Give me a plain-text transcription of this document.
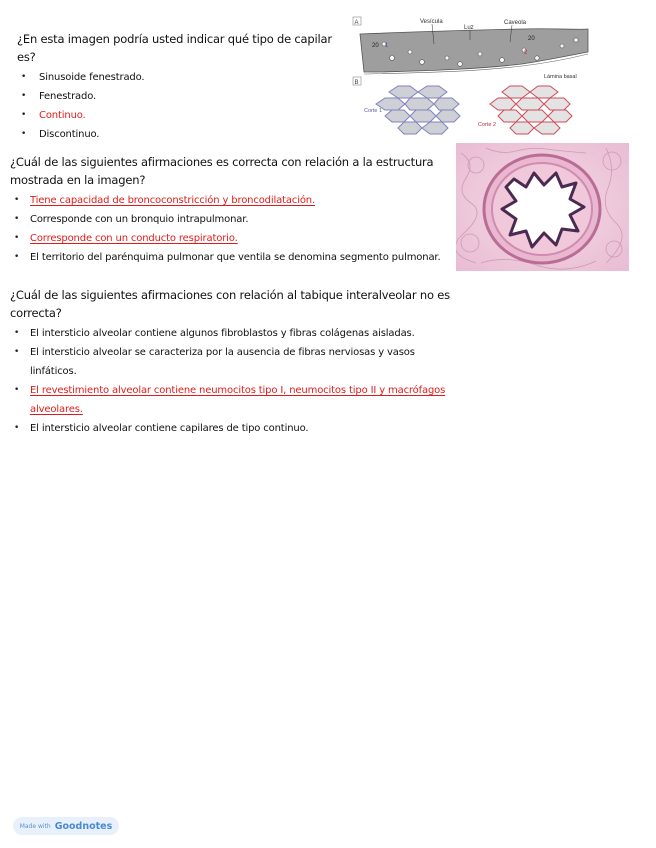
¿En esta imagen podría usted indicar qué tipo de capilar es?
• Sinusoide fenestrado.
• Fenestrado.
• Continuo.
• Discontinuo.
A	Vesícula
Luz
Caveola
Lámina basal
20 1
20
2
B
Corte 1
Corte 2
¿Cuál de las siguientes afirmaciones es correcta con relación a la estructura mostrada en la imagen?
• Tiene capacidad de broncoconstricción y broncodilatación.
• Corresponde con un bronquio intrapulmonar.
• Corresponde con un conducto respiratorio.
• El territorio del parénquima pulmonar que ventila se denomina segmento pulmonar.
¿Cuál de las siguientes afirmaciones con relación al tabique interalveolar no es correcta?
• El intersticio alveolar contiene algunos fibroblastos y fibras colágenas aisladas.
• El intersticio alveolar se caracteriza por la ausencia de fibras nerviosas y vasos linfáticos.
• El revestimiento alveolar contiene neumocitos tipo I, neumocitos tipo II y macrófagos alveolares.
• El intersticio alveolar contiene capilares de tipo continuo.
Made with Goodnotes
